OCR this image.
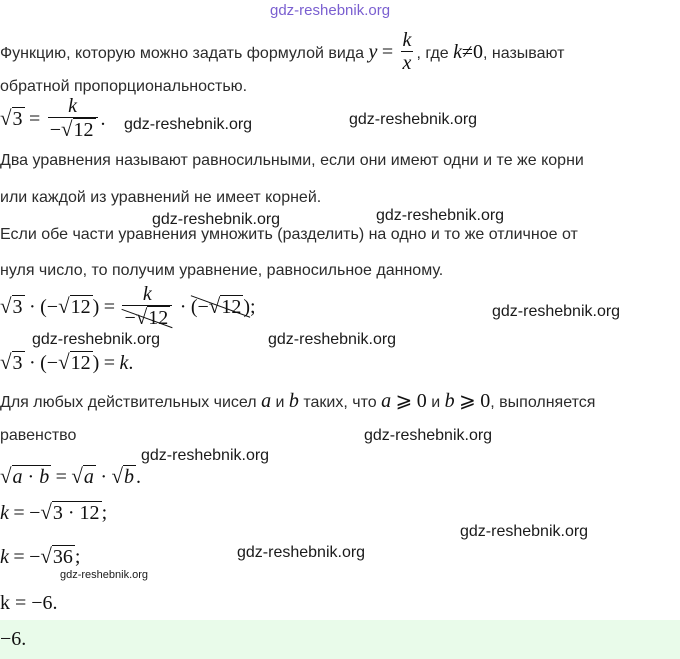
gdz-reshebnik.org
Функцию, которую можно задать формулой вида $y = \frac{k}{x}$ , где k≠0, называют
обратной пропорциональностью.
$√3 = \frac{k}{-√12}$ . gdz-reshebnik.org	gdz-reshebnik.org
Два уравнения называют равносильными, если они имеют одни и те же корни
или каждой из уравнений не имеет корней.
gdz-reshebnik.org	gdz-reshebnik.org
Если обе части уравнения умножить (разделить) на одно и то же отличное от
нуля число, то получим уравнение, равносильное данному.
√3 · (−√12 ) = $\frac{k}{-√12} \cdot (-√12$ );	gdz-reshebnik.org
gdz-reshebnik.org	gdz-reshebnik.org
√3 · (−√12 ) = k.
Для любых действительных чисел a и b таких, что a ⩾ 0 и b ⩾ 0, выполняется
равенство	gdz-reshebnik.org
gdz-reshebnik.org
√a · b = √a · √b .
k = −√3 · 12 ;
gdz-reshebnik.org
k = −√36 ;	gdz-reshebnik.org
gdz-reshebnik.org
k = −6.
−6.
